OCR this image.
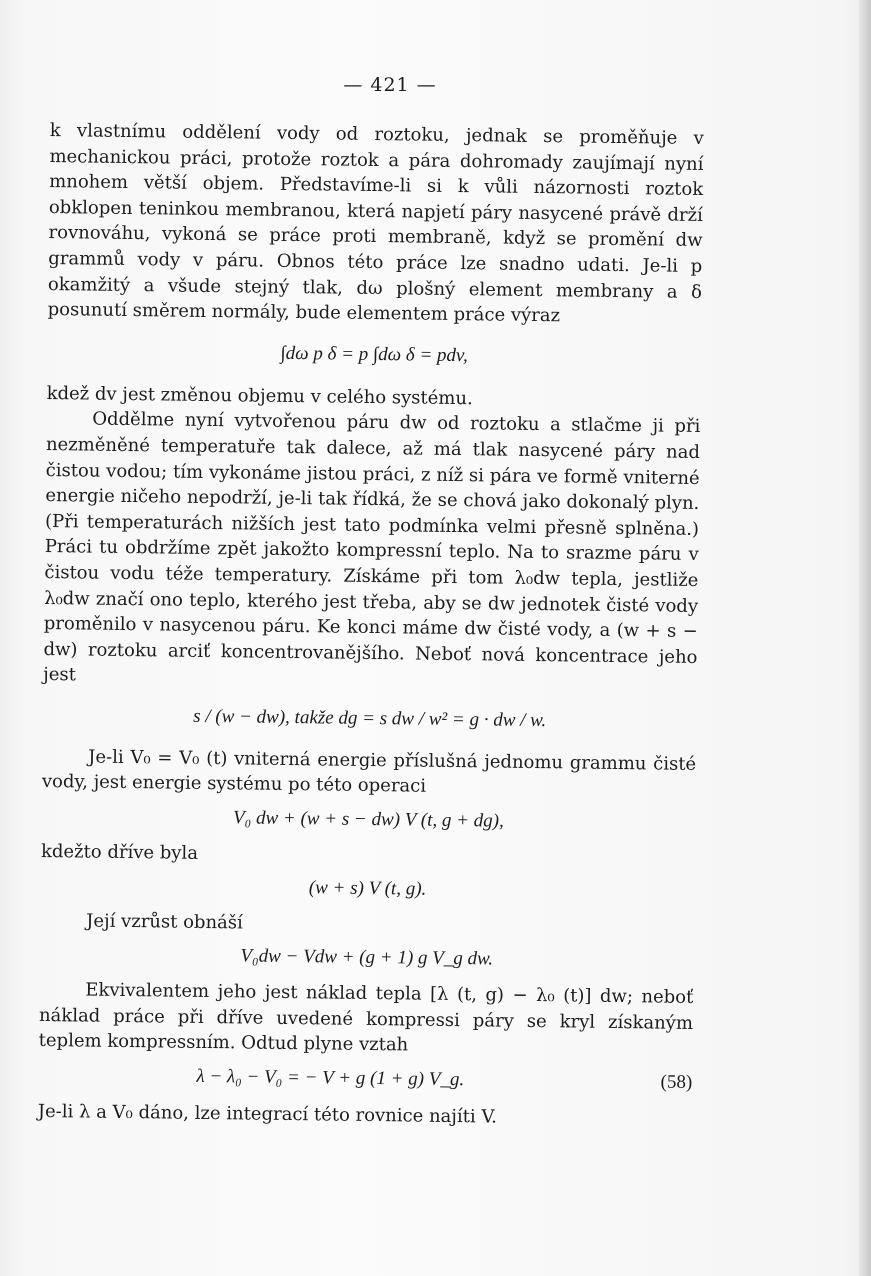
— 421 —

k vlastnímu oddělení vody od roztoku, jednak se proměňuje v mechanickou práci, protože roztok a pára dohromady zaujímají nyní mnohem větší objem. Představíme-li si k vůli názornosti roztok obklopen teninkou membranou, která napjetí páry nasycené právě drží rovnováhu, vykoná se práce proti membraně, když se promění dw grammů vody v páru. Obnos této práce lze snadno udati. Je-li p okamžitý a všude stejný tlak, dω plošný element membrany a δ posunutí směrem normály, bude elementem práce výraz

∫dω p δ = p ∫dω δ = pdv,

kdež dv jest změnou objemu v celého systému.

Oddělme nyní vytvořenou páru dw od roztoku a stlačme ji při nezměněné temperatuře tak dalece, až má tlak nasycené páry nad čistou vodou; tím vykonáme jistou práci, z níž si pára ve formě vniterné energie ničeho nepodrží, je-li tak řídká, že se chová jako dokonalý plyn. (Při temperaturách nižších jest tato podmínka velmi přesně splněna.) Práci tu obdržíme zpět jakožto kompressní teplo. Na to srazme páru v čistou vodu téže temperatury. Získáme při tom λ₀dw tepla, jestliže λ₀dw značí ono teplo, kterého jest třeba, aby se dw jednotek čisté vody proměnilo v nasycenou páru. Ke konci máme dw čisté vody, a (w + s − dw) roztoku arciť koncentrovanějšího. Neboť nová koncentrace jeho jest

s / (w − dw), takže dg = s dw / w² = g · dw / w.

Je-li V₀ = V₀ (t) vniterná energie příslušná jednomu grammu čisté vody, jest energie systému po této operaci

V₀ dw + (w + s − dw) V (t, g + dg),

kdežto dříve byla

(w + s) V (t, g).

Její vzrůst obnáší

V₀dw − Vdw + (g + 1) g V_g dw.

Ekvivalentem jeho jest náklad tepla [λ (t, g) − λ₀ (t)] dw; neboť náklad práce při dříve uvedené kompressi páry se kryl získaným teplem kompressním. Odtud plyne vztah

λ − λ₀ − V₀ = − V + g (1 + g) V_g.	(58)

Je-li λ a V₀ dáno, lze integrací této rovnice najíti V.
